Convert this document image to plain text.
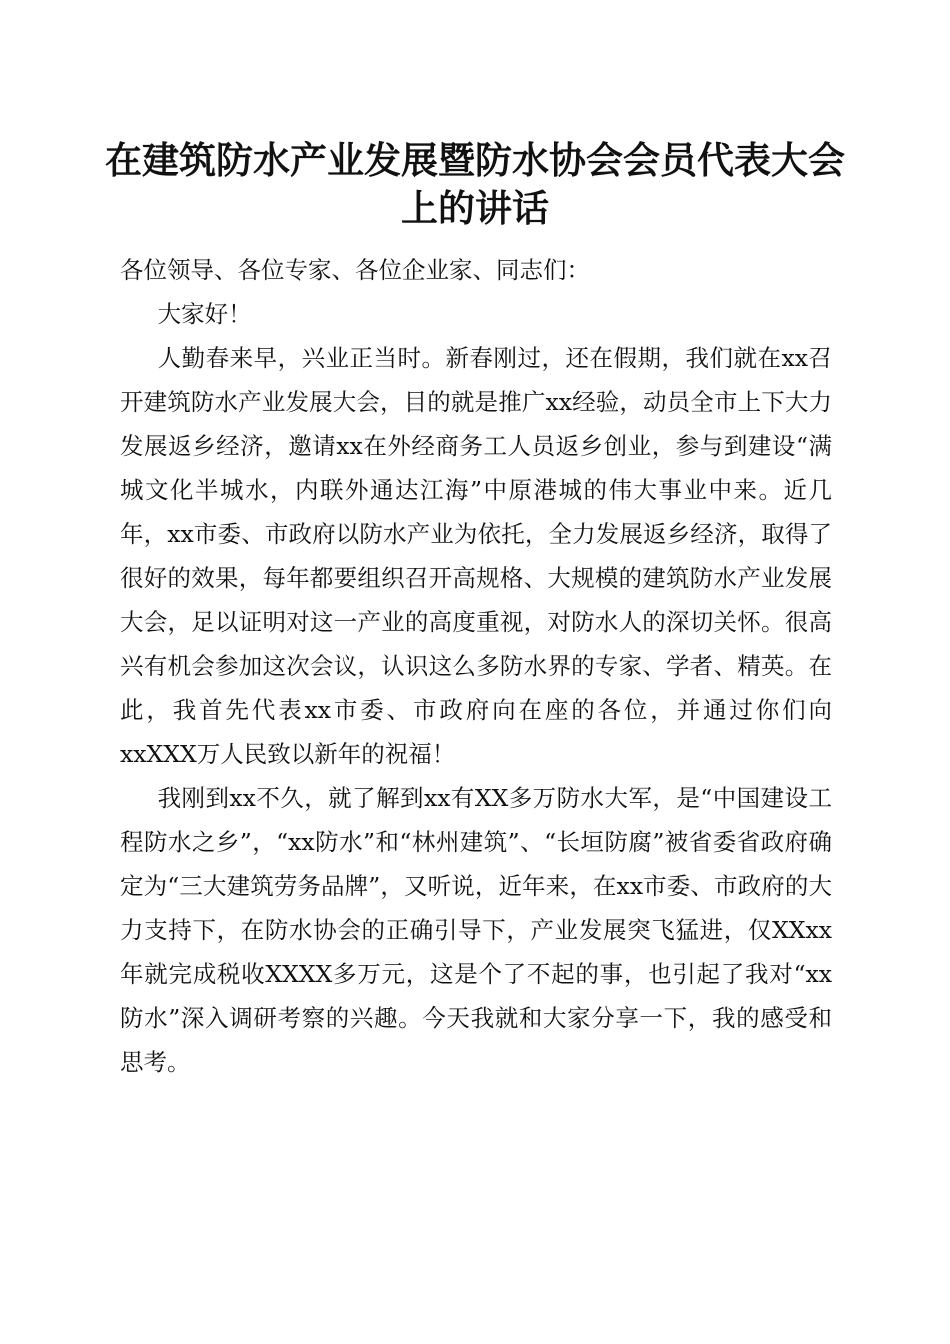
在建筑防水产业发展暨防水协会会员代表大会上的讲话

各位领导、各位专家、各位企业家、同志们：

大家好！

人勤春来早，兴业正当时。新春刚过，还在假期，我们就在xx召开建筑防水产业发展大会，目的就是推广xx经验，动员全市上下大力发展返乡经济，邀请xx在外经商务工人员返乡创业，参与到建设“满城文化半城水，内联外通达江海”中原港城的伟大事业中来。近几年，xx市委、市政府以防水产业为依托，全力发展返乡经济，取得了很好的效果，每年都要组织召开高规格、大规模的建筑防水产业发展大会，足以证明对这一产业的高度重视，对防水人的深切关怀。很高兴有机会参加这次会议，认识这么多防水界的专家、学者、精英。在此，我首先代表xx市委、市政府向在座的各位，并通过你们向xxXXX万人民致以新年的祝福！

我刚到xx不久，就了解到xx有XX多万防水大军，是“中国建设工程防水之乡”，“xx防水”和“林州建筑”、“长垣防腐”被省委省政府确定为“三大建筑劳务品牌”，又听说，近年来，在xx市委、市政府的大力支持下，在防水协会的正确引导下，产业发展突飞猛进，仅XXxx年就完成税收XXXX多万元，这是个了不起的事，也引起了我对“xx防水”深入调研考察的兴趣。今天我就和大家分享一下，我的感受和思考。
